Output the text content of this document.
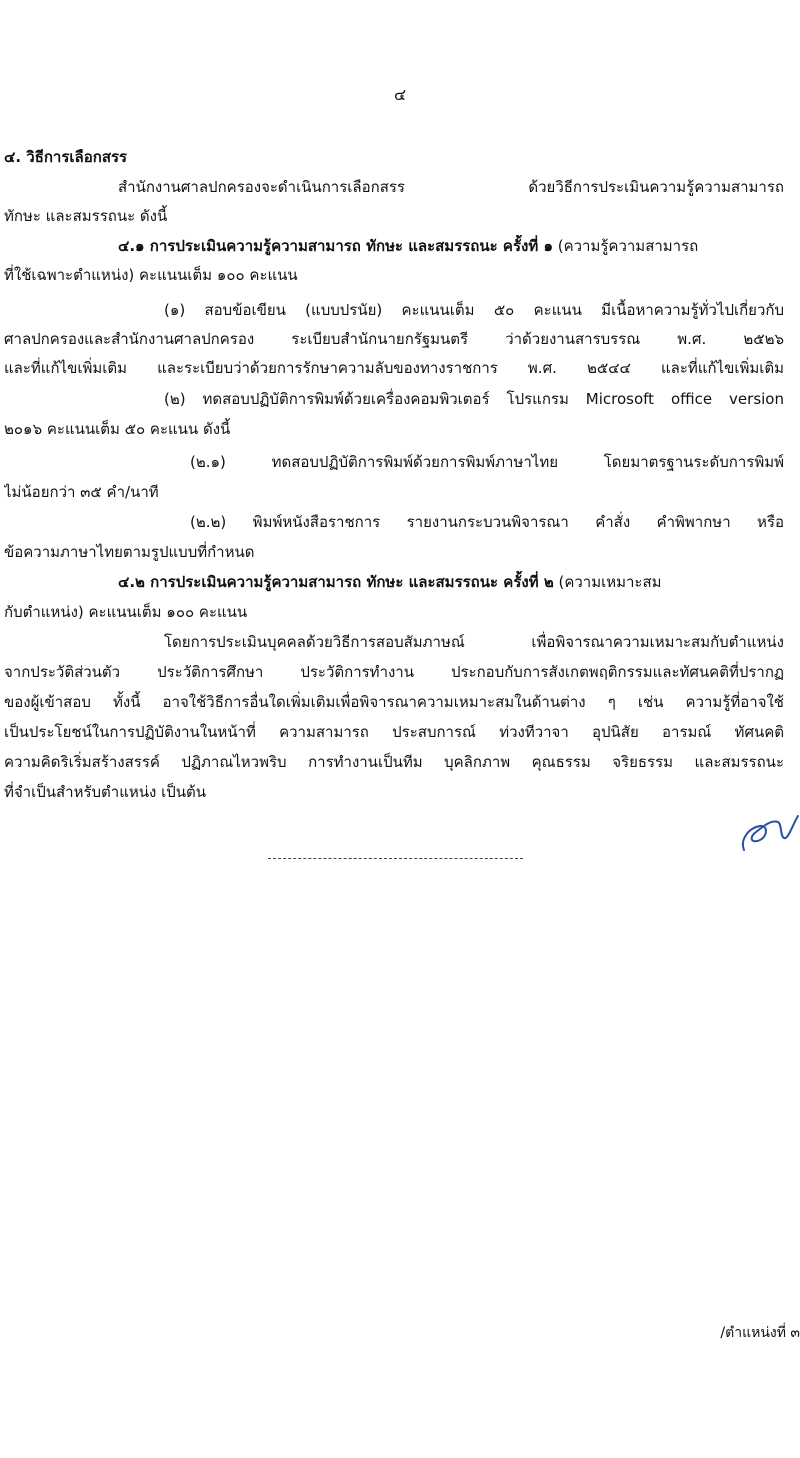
๔
๔. วิธีการเลือกสรร
สำนักงานศาลปกครองจะดำเนินการเลือกสรร ด้วยวิธีการประเมินความรู้ความสามารถ
ทักษะ และสมรรถนะ ดังนี้
๔.๑ การประเมินความรู้ความสามารถ ทักษะ และสมรรถนะ ครั้งที่ ๑ (ความรู้ความสามารถ
ที่ใช้เฉพาะตำแหน่ง) คะแนนเต็ม ๑๐๐ คะแนน
(๑) สอบข้อเขียน (แบบปรนัย) คะแนนเต็ม ๕๐ คะแนน มีเนื้อหาความรู้ทั่วไปเกี่ยวกับ
ศาลปกครองและสำนักงานศาลปกครอง ระเบียบสำนักนายกรัฐมนตรี ว่าด้วยงานสารบรรณ พ.ศ. ๒๕๒๖
และที่แก้ไขเพิ่มเติม และระเบียบว่าด้วยการรักษาความลับของทางราชการ พ.ศ. ๒๕๔๔ และที่แก้ไขเพิ่มเติม
(๒) ทดสอบปฏิบัติการพิมพ์ด้วยเครื่องคอมพิวเตอร์ โปรแกรม Microsoft office version
๒๐๑๖ คะแนนเต็ม ๕๐ คะแนน ดังนี้
(๒.๑) ทดสอบปฏิบัติการพิมพ์ด้วยการพิมพ์ภาษาไทย โดยมาตรฐานระดับการพิมพ์
ไม่น้อยกว่า ๓๕ คำ/นาที
(๒.๒) พิมพ์หนังสือราชการ รายงานกระบวนพิจารณา คำสั่ง คำพิพากษา หรือ
ข้อความภาษาไทยตามรูปแบบที่กำหนด
๔.๒ การประเมินความรู้ความสามารถ ทักษะ และสมรรถนะ ครั้งที่ ๒ (ความเหมาะสม
กับตำแหน่ง) คะแนนเต็ม ๑๐๐ คะแนน
โดยการประเมินบุคคลด้วยวิธีการสอบสัมภาษณ์ เพื่อพิจารณาความเหมาะสมกับตำแหน่ง
จากประวัติส่วนตัว ประวัติการศึกษา ประวัติการทำงาน ประกอบกับการสังเกตพฤติกรรมและทัศนคติที่ปรากฏ
ของผู้เข้าสอบ ทั้งนี้ อาจใช้วิธีการอื่นใดเพิ่มเติมเพื่อพิจารณาความเหมาะสมในด้านต่าง ๆ เช่น ความรู้ที่อาจใช้
เป็นประโยชน์ในการปฏิบัติงานในหน้าที่ ความสามารถ ประสบการณ์ ท่วงทีวาจา อุปนิสัย อารมณ์ ทัศนคติ
ความคิดริเริ่มสร้างสรรค์ ปฏิภาณไหวพริบ การทำงานเป็นทีม บุคลิกภาพ คุณธรรม จริยธรรม และสมรรถนะ
ที่จำเป็นสำหรับตำแหน่ง เป็นต้น
/ตำแหน่งที่ ๓
